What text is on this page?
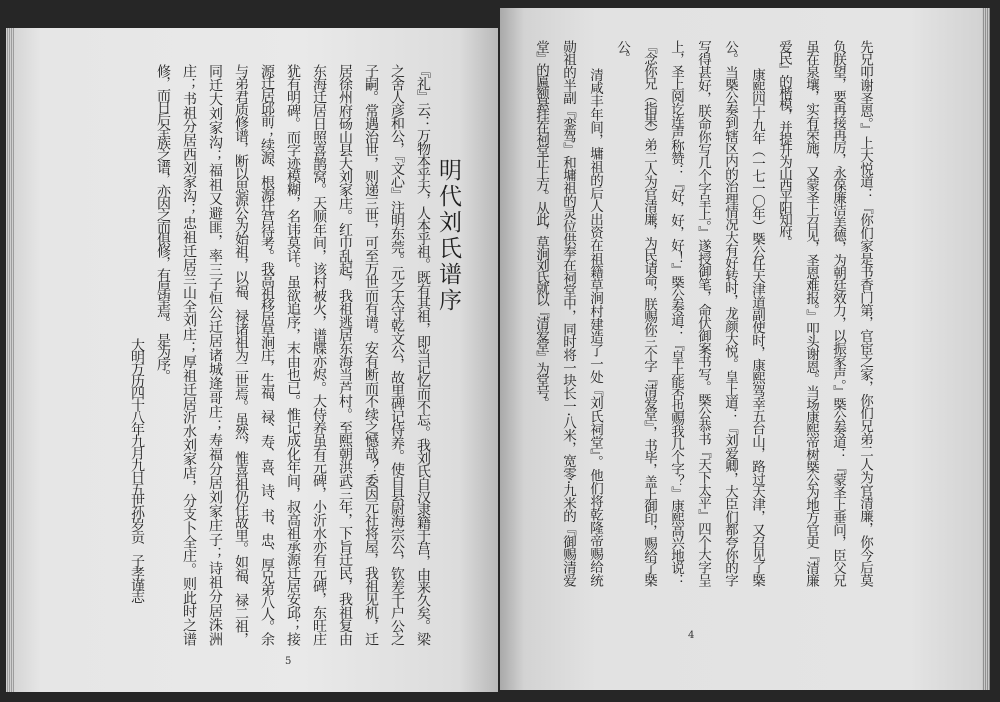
明代刘氏谱序
『礼』云：万物本乎天，人本乎祖。既有其祖，即当记忆而不忘。我刘氏自汉隶籍于莒，由来久矣。梁
之舍人彦和公，『文心』注明东莞。元之太守乾文公，故里碑记侍养。使自县尉海宗公，钦差千户公之
子嗣。常遇治世，则递三世，可至万世而有谱。安有断而不续之憾哉？委因元社将屋，我祖见机，迁
居徐州府砀山县大刘家庄。红巾乱起，我祖逃居东海当芦村。至熙朝洪武三年，下旨迁民，我祖复由
东海迁居日照喜鹊窝。天顺年间，该村被火，谱牒亦烬。大侍养虽有元碑，小沂水亦有元碑，东旺庄
犹有明碑。而字迹模糊，名讳莫详。虽欲追序，末由也已。惟记成化年间，叔高祖承源迁居安邱；接
源迁居邱前；续源、根源迁莒待考。我高祖移居草涧庄，生福、禄、寿、喜、诗、书、忠、厚兄弟八人。余
与弟君质修谱，断以思源公为始祖，以福、禄诸祖为二世焉。虽然，惟喜祖仍住故里。如福、禄二祖，
同迁大刘家沟；福祖又避匪，率三子恒公迁居诸城逄哥庄；寿福分居刘家庄子；诗祖分居洙洲
庄；书祖分居西刘家沟；忠祖迁居兰山全刘庄；厚祖迁居沂水刘家店，分支卜全庄。则此时之谱
修，而日后全族之谱，亦因之而俱修，有厚望焉。　是为序。
大明万历四十八年九月九日五世孙岁贡　子孝谨志
5
先兄叩谢圣恩。』上大悦道：『你们家是书香门第，官宦之家，你们兄弟二人为官清廉，你今后莫
负朕望，要再接再厉，永葆廉洁美德，为朝廷效力，以振家声。』槩公奏道：『蒙圣上垂问，臣父兄
虽在泉壤，实有荣施，又蒙圣上召见，圣恩难报。』叩头谢恩。当场康熙帝树槩公为地方官吏『清廉
爱民』的楷模，并提升为山西平阳知府。
康熙四十九年（一七一〇年）槩公任天津道副使时，康熙驾幸五台山，路过天津，又召见了槩
公。当槩公奏到辖区内的治理情况大有好转时，龙颜大悦。皇上道：『刘爱卿，大臣们都夸你的字
写得甚好，朕命你写几个字呈上。』遂授御笔，命伏御案书写。槩公恭书『天下太平』四个大字呈
上，圣上阅讫连声称赞：『好，好，好！』槩公奏道：『皇上能否也赐我几个字？』康熙高兴地说：
『念你兄（指果）弟二人为官清廉，为民请命，朕赐你三个字『清爱堂』，书毕，盖上御印，赐给了槩
公。
清咸丰年间，墉祖的后人出资在祖籍草涧村建造了一处『刘氏祠堂』。他们将乾隆帝赐给统
勋祖的半副『銮驾』和墉祖的灵位供奉在祠堂中，同时将一块长一·八米，宽零·九米的『御赐清爱
堂』的匾额悬挂在祠堂正上方。从此，草涧刘氏就以『清爱堂』为堂号。
4
